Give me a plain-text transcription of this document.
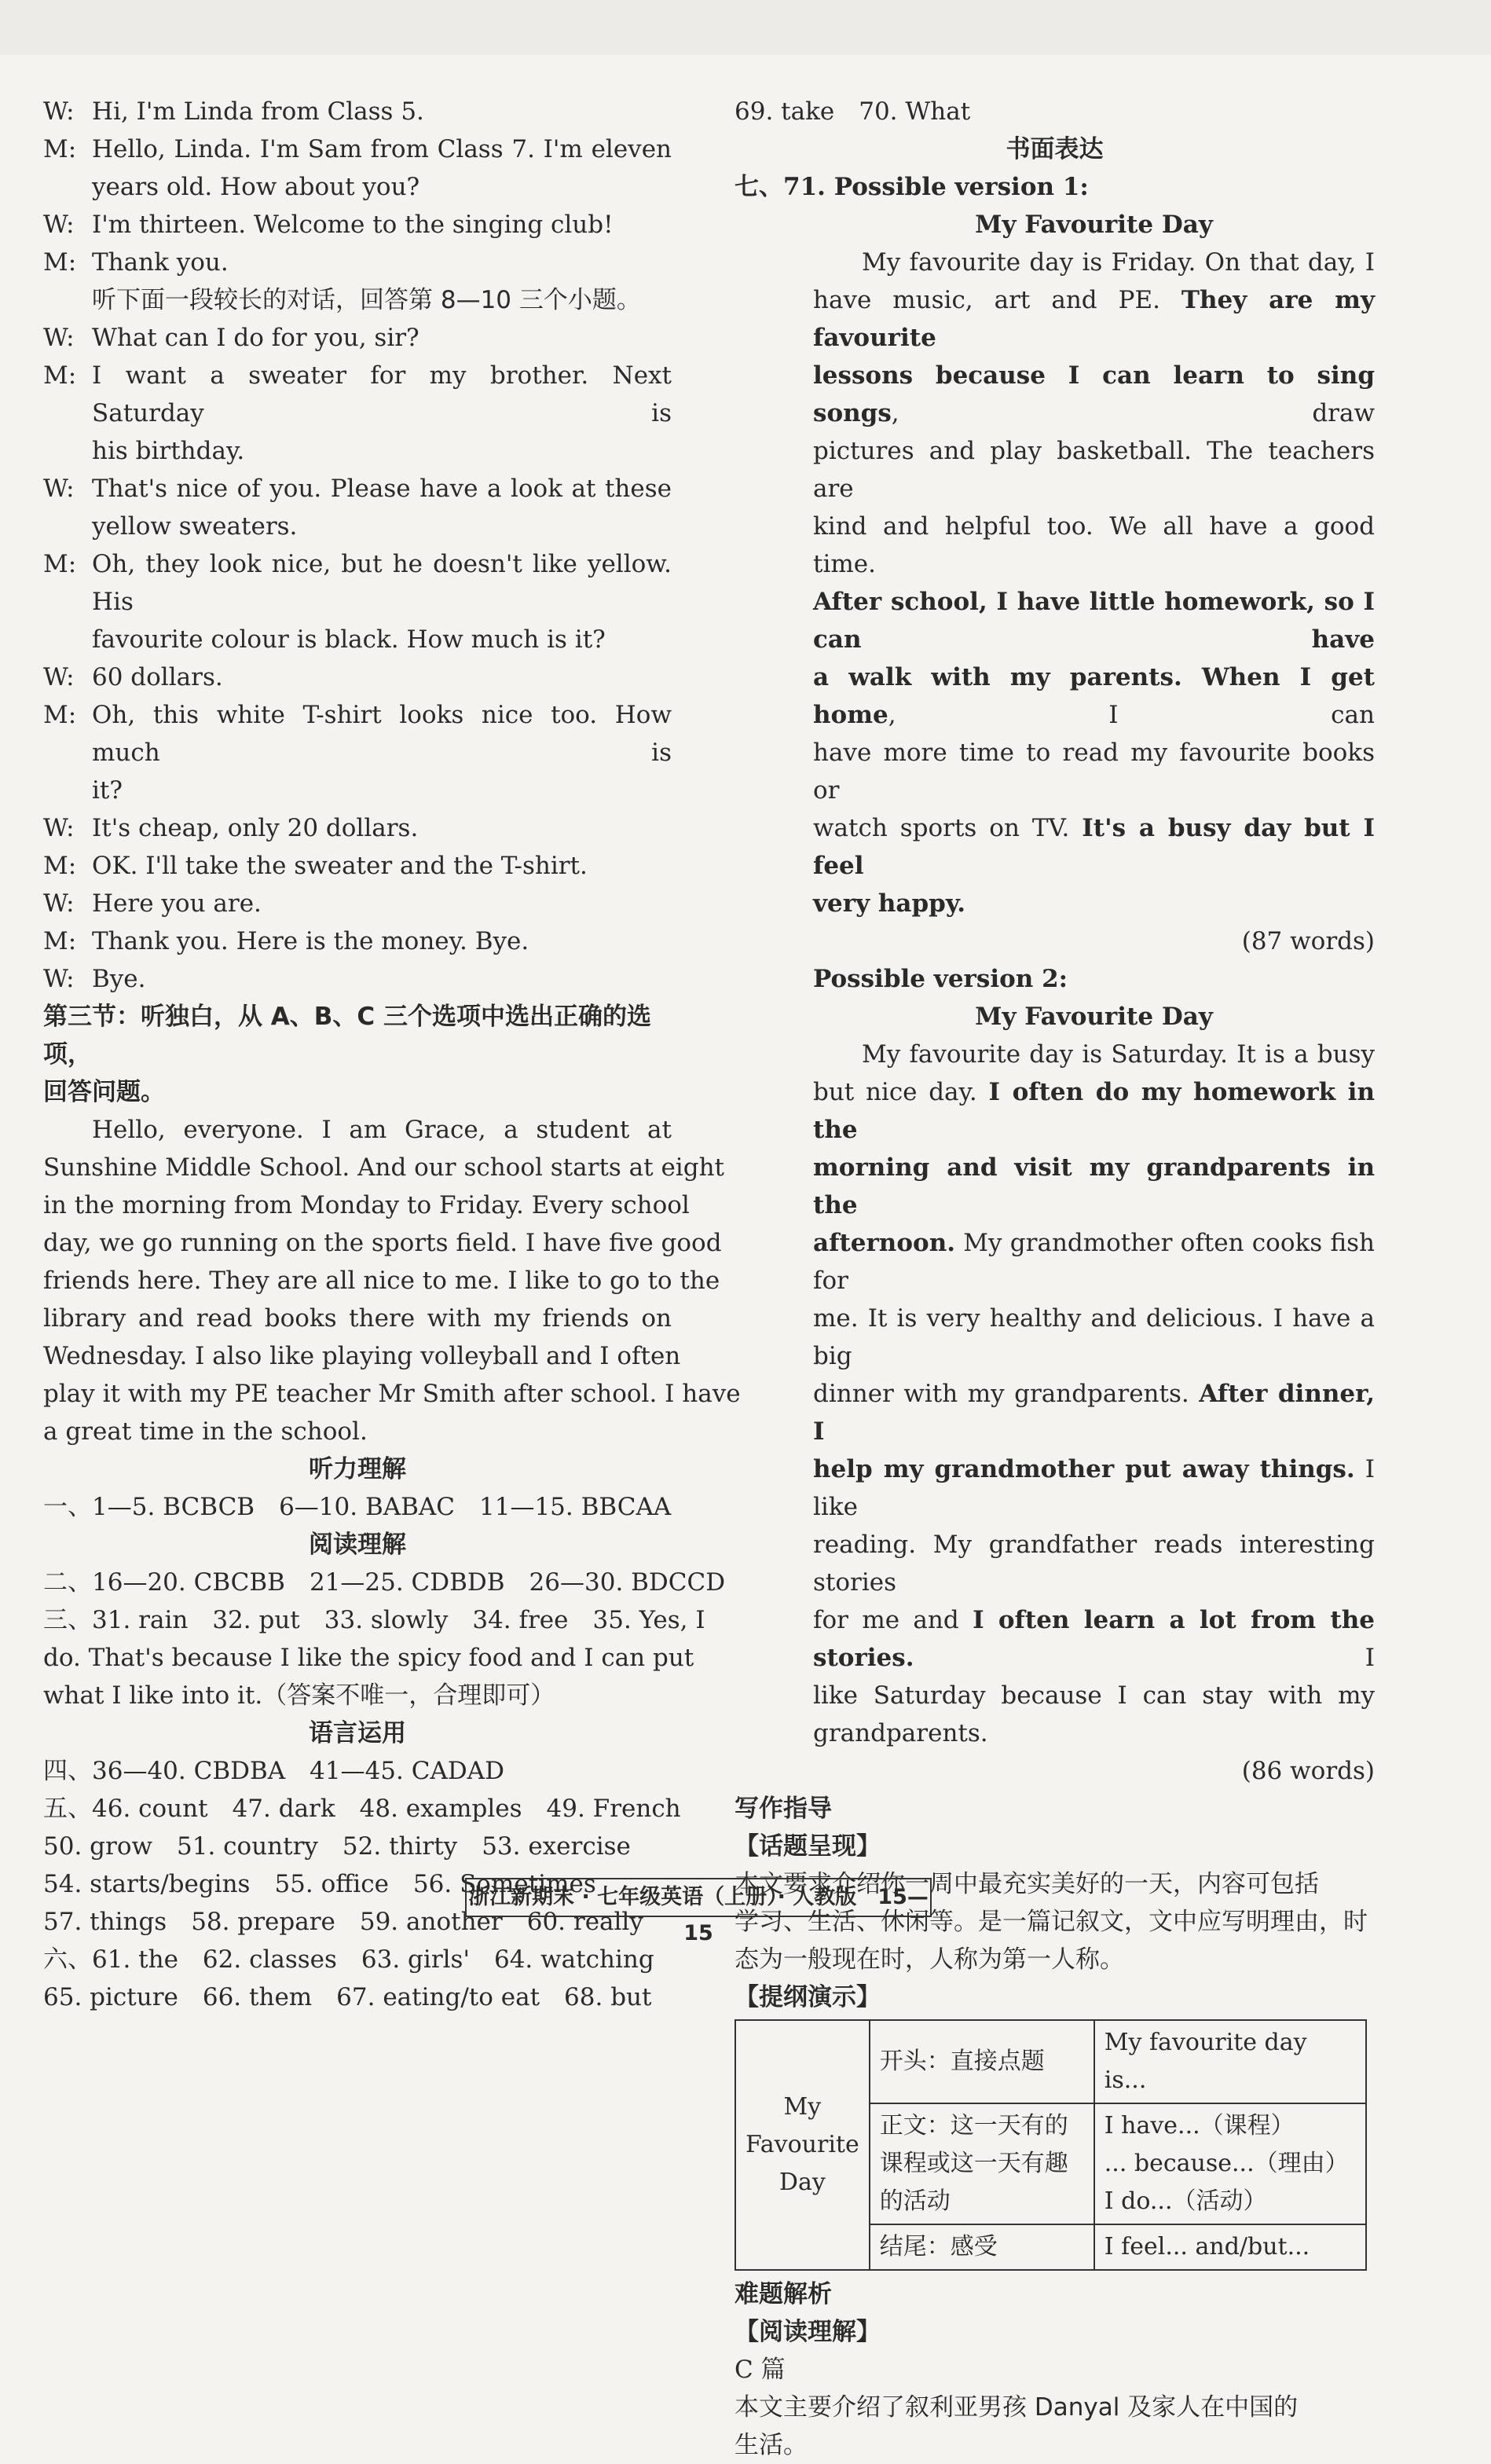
W: Hi, I'm Linda from Class 5.
M: Hello, Linda. I'm Sam from Class 7. I'm eleven
years old. How about you?
W: I'm thirteen. Welcome to the singing club!
M: Thank you.
听下面一段较长的对话，回答第 8—10 三个小题。
W: What can I do for you, sir?
M: I want a sweater for my brother. Next Saturday is
his birthday.
W: That's nice of you. Please have a look at these
yellow sweaters.
M: Oh, they look nice, but he doesn't like yellow. His
favourite colour is black. How much is it?
W: 60 dollars.
M: Oh, this white T-shirt looks nice too. How much is
it?
W: It's cheap, only 20 dollars.
M: OK. I'll take the sweater and the T-shirt.
W: Here you are.
M: Thank you. Here is the money. Bye.
W: Bye.
第三节：听独白，从 A、B、C 三个选项中选出正确的选项，
回答问题。
Hello, everyone. I am Grace, a student at
Sunshine Middle School. And our school starts at eight
in the morning from Monday to Friday. Every school
day, we go running on the sports field. I have five good
friends here. They are all nice to me. I like to go to the
library and read books there with my friends on
Wednesday. I also like playing volleyball and I often
play it with my PE teacher Mr Smith after school. I have
a great time in the school.
听力理解
一、1—5. BCBCB　6—10. BABAC　11—15. BBCAA
阅读理解
二、16—20. CBCBB　21—25. CDBDB　26—30. BDCCD
三、31. rain　32. put　33. slowly　34. free　35. Yes, I
do. That's because I like the spicy food and I can put
what I like into it.（答案不唯一，合理即可）
语言运用
四、36—40. CBDBA　41—45. CADAD
五、46. count　47. dark　48. examples　49. French
50. grow　51. country　52. thirty　53. exercise
54. starts/begins　55. office　56. Sometimes
57. things　58. prepare　59. another　60. really
六、61. the　62. classes　63. girls'　64. watching
65. picture　66. them　67. eating/to eat　68. but
69. take　70. What
书面表达
七、71. Possible version 1:
My Favourite Day
My favourite day is Friday. On that day, I
have music, art and PE. They are my favourite
lessons because I can learn to sing songs, draw
pictures and play basketball. The teachers are
kind and helpful too. We all have a good time.
After school, I have little homework, so I can have
a walk with my parents. When I get home, I can
have more time to read my favourite books or
watch sports on TV. It's a busy day but I feel
very happy.
(87 words)
Possible version 2:
My Favourite Day
My favourite day is Saturday. It is a busy
but nice day. I often do my homework in the
morning and visit my grandparents in the
afternoon. My grandmother often cooks fish for
me. It is very healthy and delicious. I have a big
dinner with my grandparents. After dinner, I
help my grandmother put away things. I like
reading. My grandfather reads interesting stories
for me and I often learn a lot from the stories. I
like Saturday because I can stay with my
grandparents.
(86 words)
写作指导
【话题呈现】
本文要求介绍你一周中最充实美好的一天，内容可包括
学习、生活、休闲等。是一篇记叙文，文中应写明理由，时
态为一般现在时，人称为第一人称。
【提纲演示】
My Favourite Day	开头：直接点题	My favourite day is...
	正文：这一天有的课程或这一天有趣的活动	I have...（课程）
... because...（理由）
I do...（活动）
	结尾：感受	I feel... and/but...
难题解析
【阅读理解】
C 篇
本文主要介绍了叙利亚男孩 Danyal 及家人在中国的
生活。
浙江新期末 · 七年级英语（上册）· 人教版　15—15
